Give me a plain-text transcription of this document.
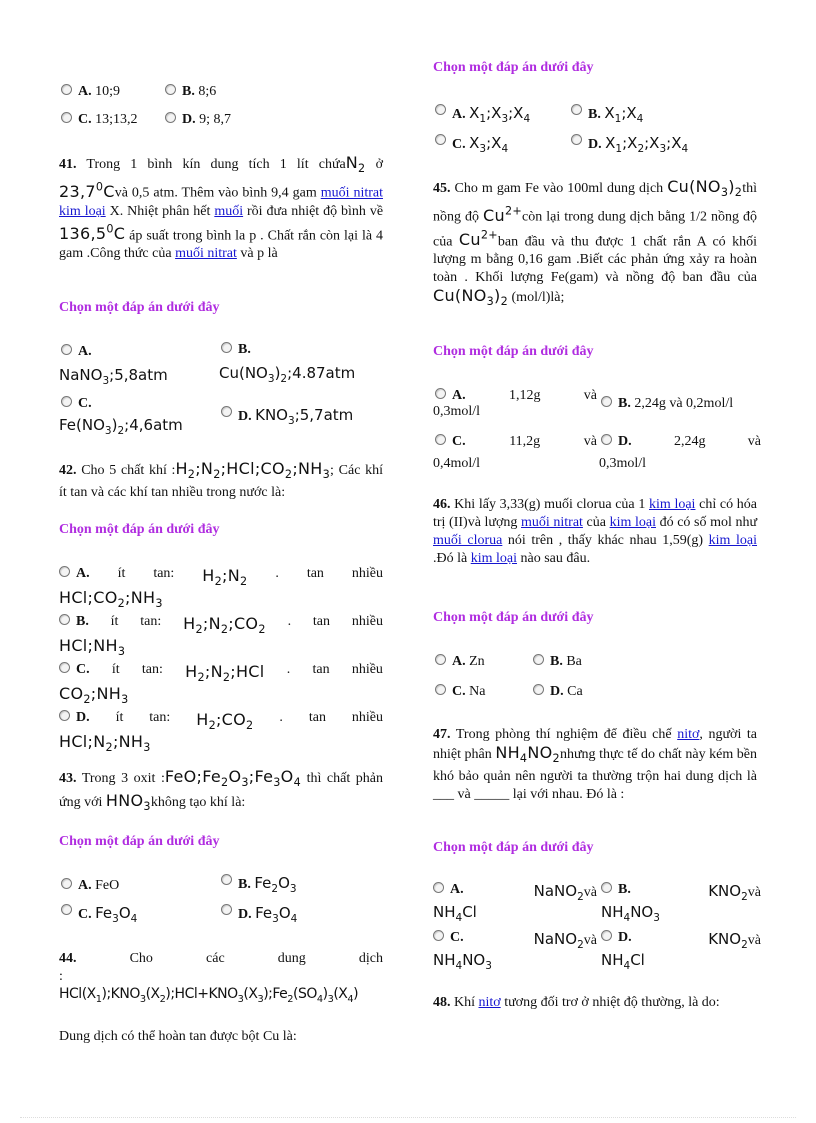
A. 10;9	B. 8;6
C. 13;13,2	D. 9; 8,7
41. Trong 1 bình kín dung tích 1 lít chứaN$_2$ ở 23,7$^0$Cvà 0,5 atm. Thêm vào bình 9,4 gam muối nitrat kim loại X. Nhiệt phân hết muối rồi đưa nhiệt độ bình về 136,5$^0$C áp suất trong bình la p . Chất rắn còn lại là 4 gam .Công thức của muối nitrat và p là
Chọn một đáp án dưới đây
A.
NaNO$_3$;5,8atm
B.
$Cu(NO_3)_2;4.87atm$
C.
$Fe(NO_3)_2;4,6atm$	D. $KNO_3;5,7atm$
42. Cho 5 chất khí $:H_2;N_2;HCl;CO_2;NH_3$; Các khí ít tan và các khí tan nhiều trong nước là:
Chọn một đáp án dưới đây
A. ít tan: $H_2;N_2$
. tan nhiều
$HCl;CO_2;NH_3$
B. ít tan: $H_2;N_2;CO_2$
. tan nhiều
$HCl;NH_3$
C. ít tan: $H_2;N_2;HCl$ . tan nhiều
$CO_2;NH_3$
D. ít tan: $H_2;CO_2$
. tan nhiều
$HCl;N_2;NH_3$
43. Trong 3 oxit $:FeO;Fe_2O_3;Fe_3O_4$ thì chất phản ứng với $HNO_3không$ tạo khí là:
Chọn một đáp án dưới đây
A. FeO	B. $Fe_2O_3$
C. $Fe_3O_4$	D. $Fe_3O_4$
44.	Cho	các	dung	dịch
:
$HCl(X_1);KNO_3(X_2);HCl+KNO_3(X_3);Fe_2(SO_4)_3(X_4)$
Dung dịch có thể hoàn tan được bột Cu là:
Chọn một đáp án dưới đây
A. $X_1;X_3;X_4$	B. $X_1;X_4$
C. $X_3;X_4$	D. $X_1;X_2;X_3;X_4$
45. Cho m gam Fe vào 100ml dung dịch $Cu(NO_3)_2thì$ nồng độ $Cu^{2+}còn$ lại trong dung dịch bằng 1/2 nồng độ của $Cu^{2+}ban$ đầu và thu được 1 chất rắn A có khối lượng m bằng 0,16 gam .Biết các phản ứng xảy ra hoàn toàn . Khối lượng Fe(gam) và nồng độ ban đầu của $Cu(NO_3)_2$ (mol/l)là;
Chọn một đáp án dưới đây
A.	1,12g	và
0,3mol/l
B. 2,24g và 0,2mol/l
C.	11,2g	và
0,4mol/l
D.	2,24g	và
0,3mol/l
46. Khi lấy 3,33(g) muối clorua của 1 kim loại chỉ có hóa trị (II)và lượng muối nitrat của kim loại đó có số mol như muối clorua nói trên , thấy khác nhau 1,59(g) kim loại .Đó là kim loại nào sau đâu.
Chọn một đáp án dưới đây
A. Zn	B. Ba
C. Na	D. Ca
47. Trong phòng thí nghiệm để điều chế nitơ, người ta nhiệt phân $NH_4NO_2nhưng$ thực tế do chất này kém bền khó bảo quản nên người ta thường trộn hai dung dịch là ___ và _____ lại với nhau. Đó là :
Chọn một đáp án dưới đây
A.	NaNO$_2$và
$NH_4Cl$
B.	$KNO_2và$
$NH_4NO_3$
C.	NaNO$_2$và
$NH_4NO_3$
D.	$KNO_2và$
$NH_4Cl$
48. Khí nitơ tương đối trơ ở nhiệt độ thường, là do:
